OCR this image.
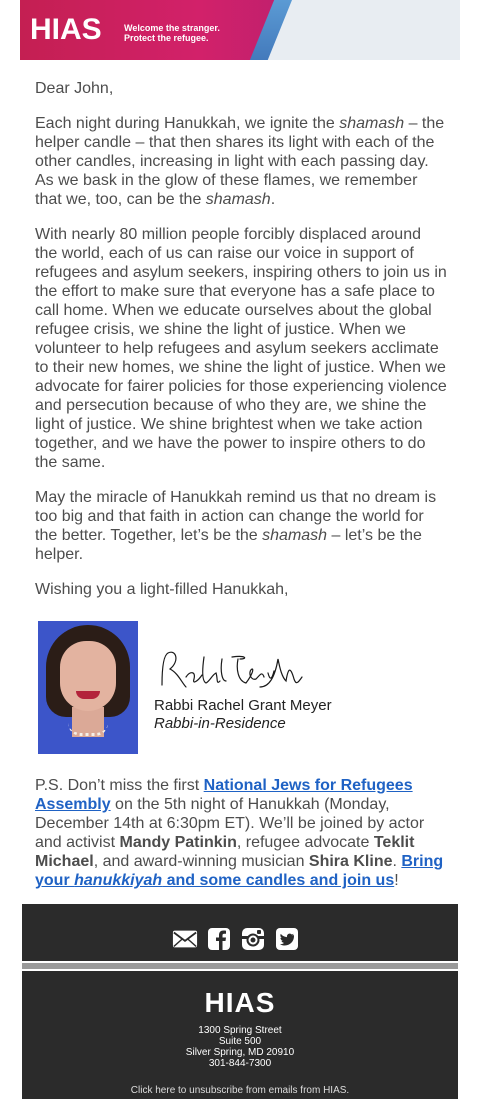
HIAS Welcome the stranger.
Protect the refugee.

Dear John,

Each night during Hanukkah, we ignite the shamash – the helper candle – that then shares its light with each of the other candles, increasing in light with each passing day. As we bask in the glow of these flames, we remember that we, too, can be the shamash.

With nearly 80 million people forcibly displaced around the world, each of us can raise our voice in support of refugees and asylum seekers, inspiring others to join us in the effort to make sure that everyone has a safe place to call home. When we educate ourselves about the global refugee crisis, we shine the light of justice. When we volunteer to help refugees and asylum seekers acclimate to their new homes, we shine the light of justice. When we advocate for fairer policies for those experiencing violence and persecution because of who they are, we shine the light of justice. We shine brightest when we take action together, and we have the power to inspire others to do the same.

May the miracle of Hanukkah remind us that no dream is too big and that faith in action can change the world for the better. Together, let’s be the shamash – let’s be the helper.

Wishing you a light-filled Hanukkah,

Rabbi Rachel Grant Meyer
Rabbi-in-Residence
P.S. Don’t miss the first National Jews for Refugees Assembly on the 5th night of Hanukkah (Monday, December 14th at 6:30pm ET). We’ll be joined by actor and activist Mandy Patinkin, refugee advocate Teklit Michael, and award-winning musician Shira Kline. Bring your hanukkiyah and some candles and join us!
HIAS
1300 Spring Street
Suite 500
Silver Spring, MD 20910
301-844-7300
Click here to unsubscribe from emails from HIAS.
